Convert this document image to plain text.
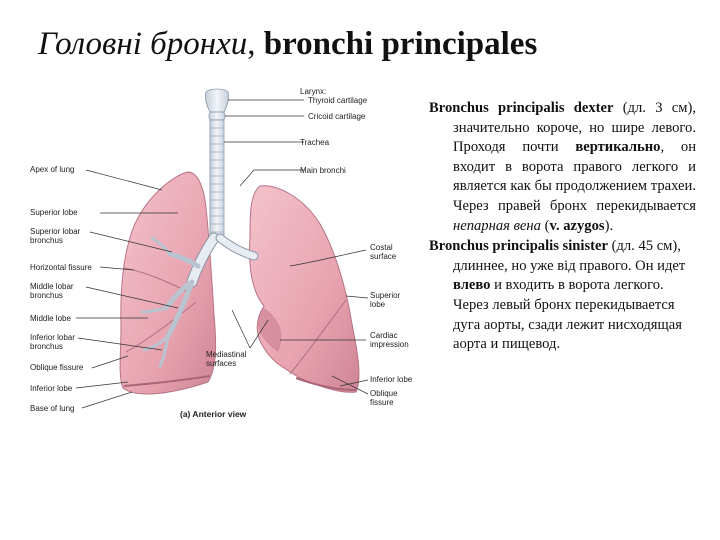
Головні бронхи, bronchi principales
Larynx:
Thyroid cartilage
Cricoid cartilage
Trachea
Main bronchi
Costal surface
Superior lobe
Cardiac impression
Inferior lobe
Oblique fissure
Apex of lung
Superior lobe
Superior lobar bronchus
Horizontal fissure
Middle lobar bronchus
Middle lobe
Inferior lobar bronchus
Oblique fissure
Inferior lobe
Base of lung
Mediastinal surfaces
(a) Anterior view

Bronchus principalis dexter (дл. 3 см), значительно короче, но шире левого. Проходя почти вертикально, он входит в ворота правого легкого и является как бы продолжением трахеи. Через правей бронх перекидывается непарная вена (v. azygos).

Bronchus principalis sinister (дл. 45 см), длиннее, но уже від правого. Он идет влево и входить в ворота легкого. Через левый бронх перекидывается дуга аорты, сзади лежит нисходящая аорта и пищевод.
